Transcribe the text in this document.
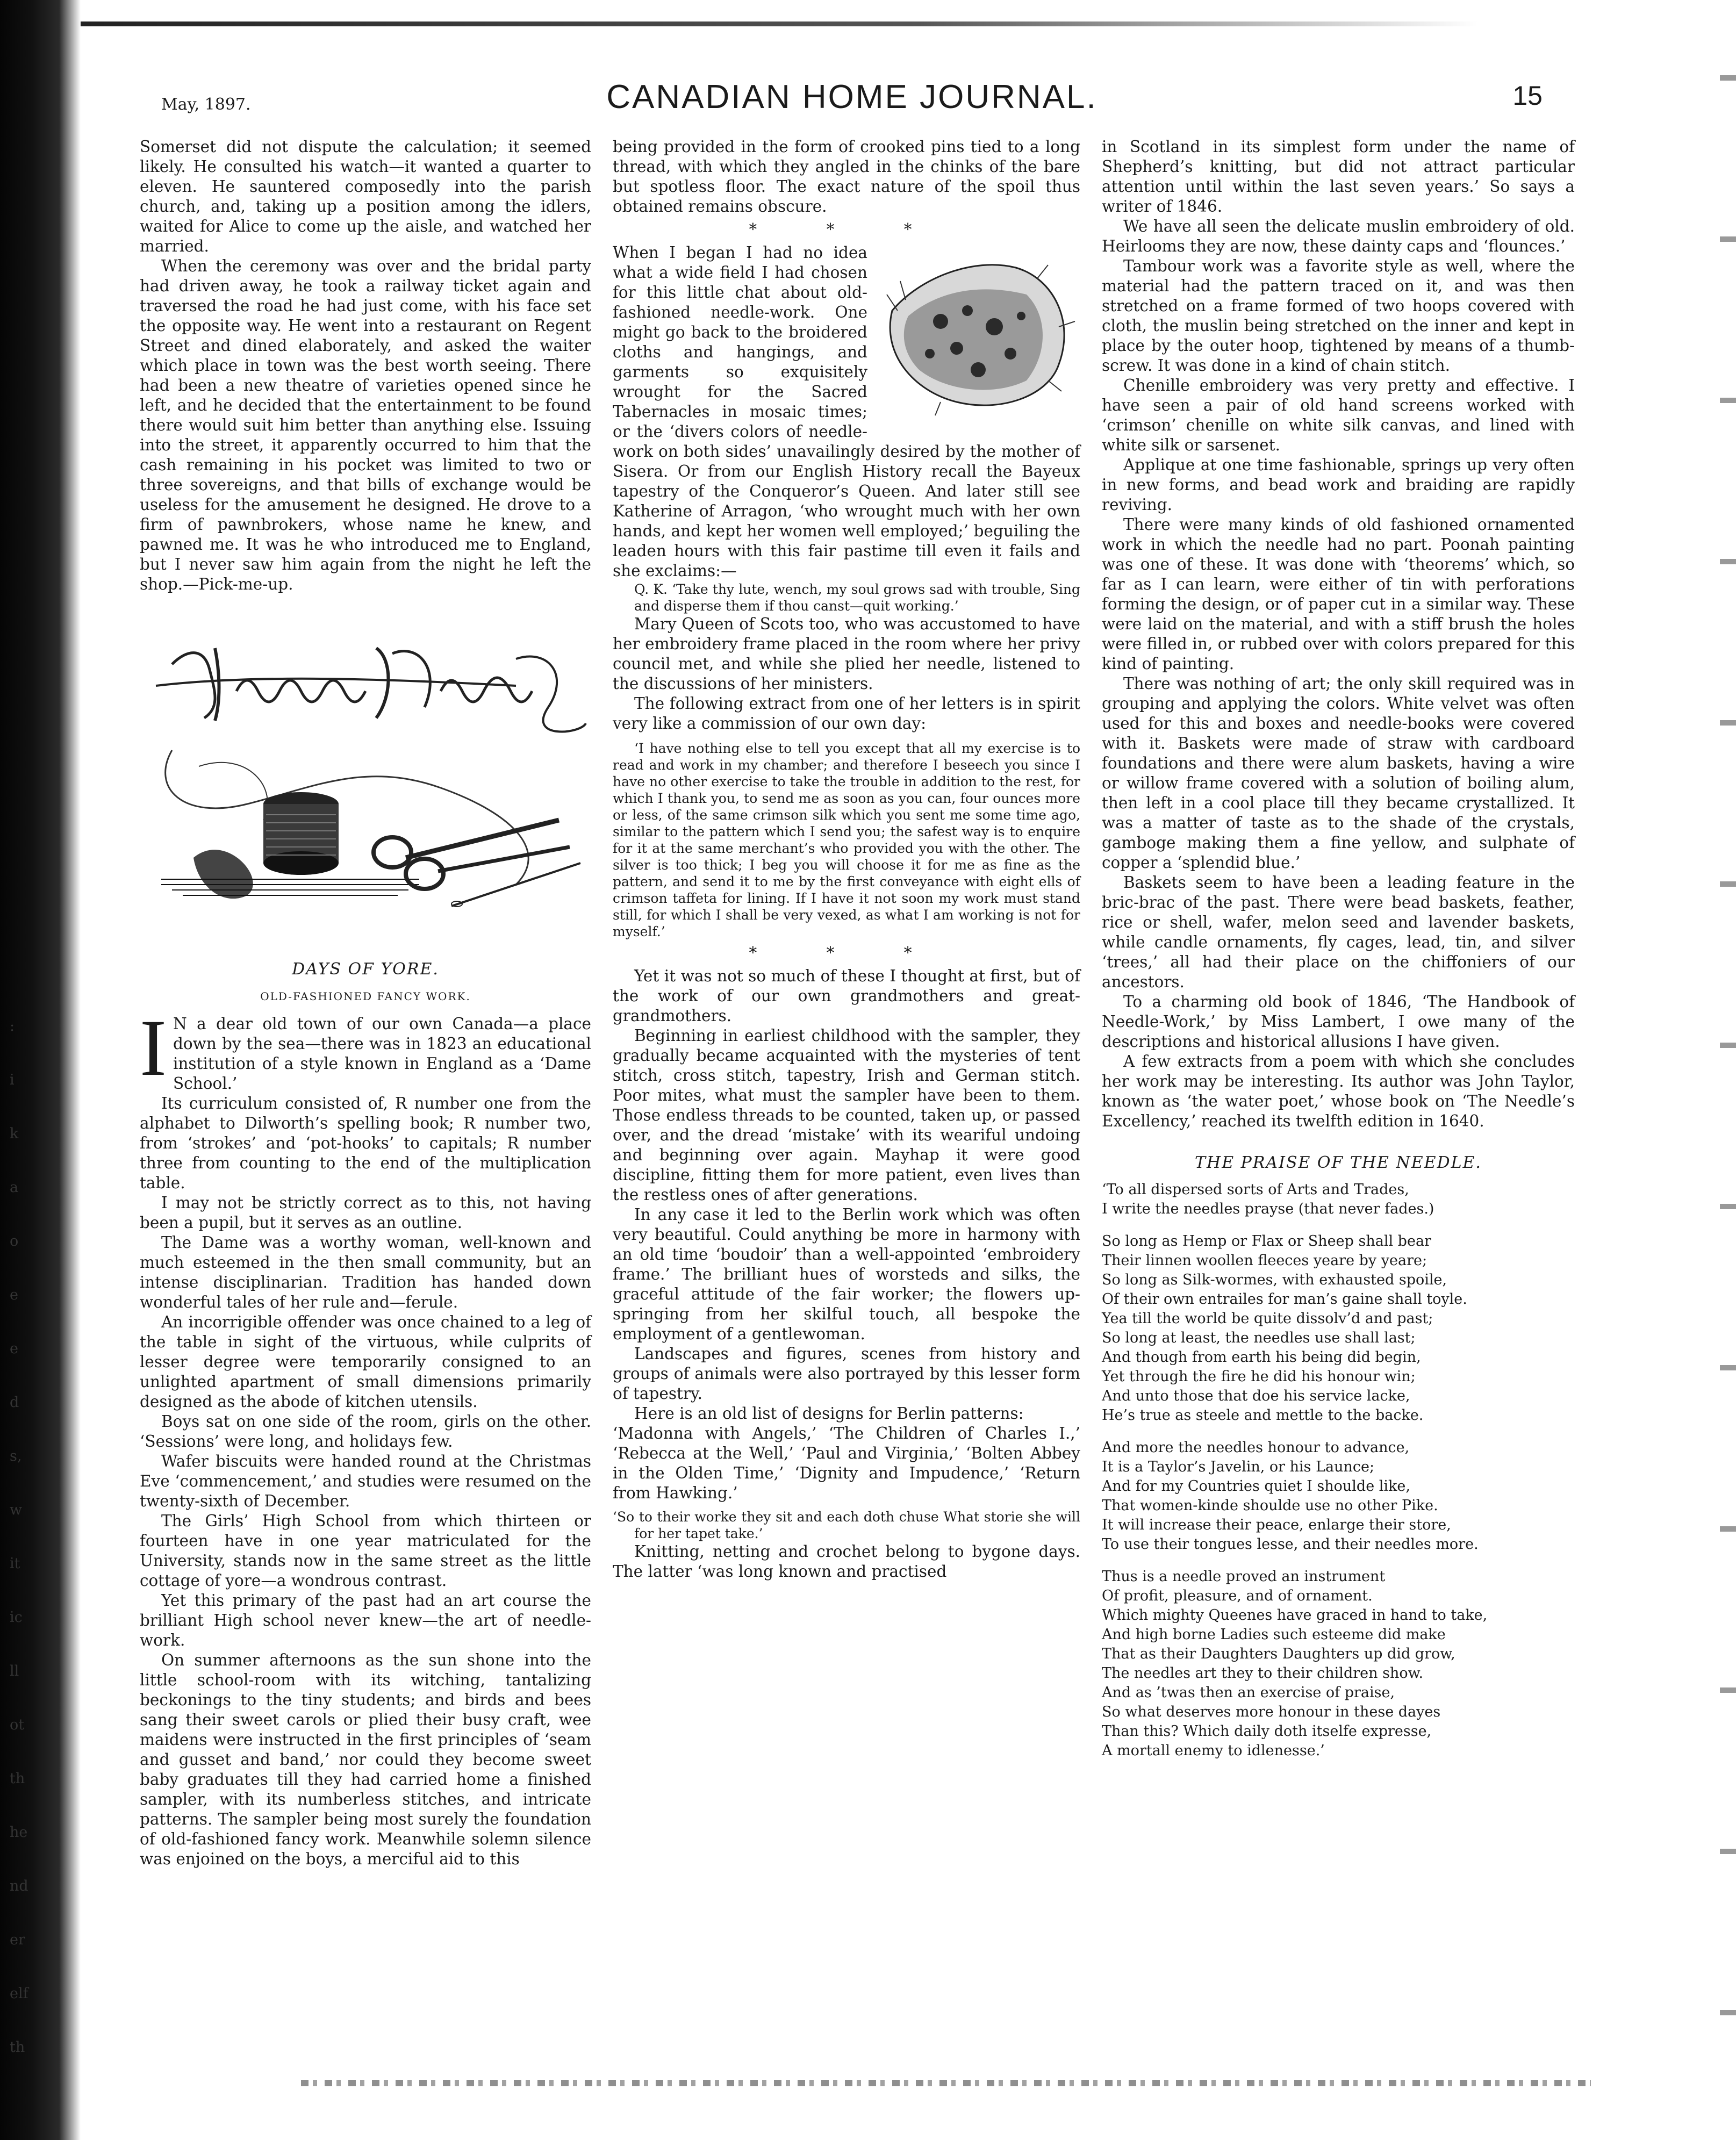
:
i
k
a
o
e
e
d
s,
w
it
ic
ll
ot
th
he
nd
er
elf
th
May, 1897.	CANADIAN HOME JOURNAL.	15

Somerset did not dispute the calculation; it seemed likely. He consulted his watch—it wanted a quarter to eleven. He sauntered composedly into the parish church, and, taking up a position among the idlers, waited for Alice to come up the aisle, and watched her married.

When the ceremony was over and the bridal party had driven away, he took a railway ticket again and traversed the road he had just come, with his face set the opposite way. He went into a restaurant on Regent Street and dined elaborately, and asked the waiter which place in town was the best worth seeing. There had been a new theatre of varieties opened since he left, and he decided that the entertainment to be found there would suit him better than anything else. Issuing into the street, it apparently occurred to him that the cash remaining in his pocket was limited to two or three sovereigns, and that bills of exchange would be useless for the amusement he designed. He drove to a firm of pawnbrokers, whose name he knew, and pawned me. It was he who introduced me to England, but I never saw him again from the night he left the shop.—Pick-me-up.

DAYS OF YORE.

OLD-FASHIONED FANCY WORK.

I N a dear old town of our own Canada—a place down by the sea—there was in 1823 an educational institution of a style known in England as a ‘Dame School.’

Its curriculum consisted of, R number one from the alphabet to Dilworth’s spelling book; R number two, from ‘strokes’ and ‘pot-hooks’ to capitals; R number three from counting to the end of the multiplication table.

I may not be strictly correct as to this, not having been a pupil, but it serves as an outline.

The Dame was a worthy woman, well-known and much esteemed in the then small community, but an intense disciplinarian. Tradition has handed down wonderful tales of her rule and—ferule.

An incorrigible offender was once chained to a leg of the table in sight of the virtuous, while culprits of lesser degree were temporarily consigned to an unlighted apartment of small dimensions primarily designed as the abode of kitchen utensils.

Boys sat on one side of the room, girls on the other. ‘Sessions’ were long, and holidays few.

Wafer biscuits were handed round at the Christmas Eve ‘commencement,’ and studies were resumed on the twenty-sixth of December.

The Girls’ High School from which thirteen or fourteen have in one year matriculated for the University, stands now in the same street as the little cottage of yore—a wondrous contrast.

Yet this primary of the past had an art course the brilliant High school never knew—the art of needle-work.

On summer afternoons as the sun shone into the little school-room with its witching, tantalizing beckonings to the tiny students; and birds and bees sang their sweet carols or plied their busy craft, wee maidens were instructed in the first principles of ‘seam and gusset and band,’ nor could they become sweet baby graduates till they had carried home a finished sampler, with its numberless stitches, and intricate patterns. The sampler being most surely the foundation of old-fashioned fancy work. Meanwhile solemn silence was enjoined on the boys, a merciful aid to this

being provided in the form of crooked pins tied to a long thread, with which they angled in the chinks of the bare but spotless floor. The exact nature of the spoil thus obtained remains obscure.

* * *

When I began I had no idea what a wide field I had chosen for this little chat about old-fashioned needle-work. One might go back to the broidered cloths and hangings, and garments so exquisitely wrought for the Sacred Tabernacles in mosaic times; or the ‘divers colors of needle-work on both sides’ unavailingly desired by the mother of Sisera. Or from our English History recall the Bayeux tapestry of the Conqueror’s Queen. And later still see Katherine of Arragon, ‘who wrought much with her own hands, and kept her women well employed;’ beguiling the leaden hours with this fair pastime till even it fails and she exclaims:—

Q. K. ‘Take thy lute, wench, my soul grows sad with trouble, Sing and disperse them if thou canst—quit working.’

Mary Queen of Scots too, who was accustomed to have her embroidery frame placed in the room where her privy council met, and while she plied her needle, listened to the discussions of her ministers.

The following extract from one of her letters is in spirit very like a commission of our own day:

‘I have nothing else to tell you except that all my exercise is to read and work in my chamber; and therefore I beseech you since I have no other exercise to take the trouble in addition to the rest, for which I thank you, to send me as soon as you can, four ounces more or less, of the same crimson silk which you sent me some time ago, similar to the pattern which I send you; the safest way is to enquire for it at the same merchant’s who provided you with the other. The silver is too thick; I beg you will choose it for me as fine as the pattern, and send it to me by the first conveyance with eight ells of crimson taffeta for lining. If I have it not soon my work must stand still, for which I shall be very vexed, as what I am working is not for myself.’

* * *

Yet it was not so much of these I thought at first, but of the work of our own grandmothers and great-grandmothers.

Beginning in earliest childhood with the sampler, they gradually became acquainted with the mysteries of tent stitch, cross stitch, tapestry, Irish and German stitch. Poor mites, what must the sampler have been to them. Those endless threads to be counted, taken up, or passed over, and the dread ‘mistake’ with its weariful undoing and beginning over again. Mayhap it were good discipline, fitting them for more patient, even lives than the restless ones of after generations.

In any case it led to the Berlin work which was often very beautiful. Could anything be more in harmony with an old time ‘boudoir’ than a well-appointed ‘embroidery frame.’ The brilliant hues of worsteds and silks, the graceful attitude of the fair worker; the flowers up-springing from her skilful touch, all bespoke the employment of a gentlewoman.

Landscapes and figures, scenes from history and groups of animals were also portrayed by this lesser form of tapestry.

Here is an old list of designs for Berlin patterns:

‘Madonna with Angels,’ ‘The Children of Charles I.,’ ‘Rebecca at the Well,’ ‘Paul and Virginia,’ ‘Bolten Abbey in the Olden Time,’ ‘Dignity and Impudence,’ ‘Return from Hawking.’

‘So to their worke they sit and each doth chuse What storie she will for her tapet take.’

Knitting, netting and crochet belong to bygone days. The latter ‘was long known and practised

in Scotland in its simplest form under the name of Shepherd’s knitting, but did not attract particular attention until within the last seven years.’ So says a writer of 1846.

We have all seen the delicate muslin embroidery of old. Heirlooms they are now, these dainty caps and ‘flounces.’

Tambour work was a favorite style as well, where the material had the pattern traced on it, and was then stretched on a frame formed of two hoops covered with cloth, the muslin being stretched on the inner and kept in place by the outer hoop, tightened by means of a thumb-screw. It was done in a kind of chain stitch.

Chenille embroidery was very pretty and effective. I have seen a pair of old hand screens worked with ‘crimson’ chenille on white silk canvas, and lined with white silk or sarsenet.

Applique at one time fashionable, springs up very often in new forms, and bead work and braiding are rapidly reviving.

There were many kinds of old fashioned ornamented work in which the needle had no part. Poonah painting was one of these. It was done with ‘theorems’ which, so far as I can learn, were either of tin with perforations forming the design, or of paper cut in a similar way. These were laid on the material, and with a stiff brush the holes were filled in, or rubbed over with colors prepared for this kind of painting.

There was nothing of art; the only skill required was in grouping and applying the colors. White velvet was often used for this and boxes and needle-books were covered with it. Baskets were made of straw with cardboard foundations and there were alum baskets, having a wire or willow frame covered with a solution of boiling alum, then left in a cool place till they became crystallized. It was a matter of taste as to the shade of the crystals, gamboge making them a fine yellow, and sulphate of copper a ‘splendid blue.’

Baskets seem to have been a leading feature in the bric-brac of the past. There were bead baskets, feather, rice or shell, wafer, melon seed and lavender baskets, while candle ornaments, fly cages, lead, tin, and silver ‘trees,’ all had their place on the chiffoniers of our ancestors.

To a charming old book of 1846, ‘The Handbook of Needle-Work,’ by Miss Lambert, I owe many of the descriptions and historical allusions I have given.

A few extracts from a poem with which she concludes her work may be interesting. Its author was John Taylor, known as ‘the water poet,’ whose book on ‘The Needle’s Excellency,’ reached its twelfth edition in 1640.

THE PRAISE OF THE NEEDLE.

‘To all dispersed sorts of Arts and Trades,
I write the needles prayse (that never fades.)
So long as Hemp or Flax or Sheep shall bear
Their linnen woollen fleeces yeare by yeare;
So long as Silk-wormes, with exhausted spoile,
Of their own entrailes for man’s gaine shall toyle.
Yea till the world be quite dissolv’d and past;
So long at least, the needles use shall last;
And though from earth his being did begin,
Yet through the fire he did his honour win;
And unto those that doe his service lacke,
He’s true as steele and mettle to the backe.
And more the needles honour to advance,
It is a Taylor’s Javelin, or his Launce;
And for my Countries quiet I shoulde like,
That women-kinde shoulde use no other Pike.
It will increase their peace, enlarge their store,
To use their tongues lesse, and their needles more.
Thus is a needle proved an instrument
Of profit, pleasure, and of ornament.
Which mighty Queenes have graced in hand to take,
And high borne Ladies such esteeme did make
That as their Daughters Daughters up did grow,
The needles art they to their children show.
And as ’twas then an exercise of praise,
So what deserves more honour in these dayes
Than this? Which daily doth itselfe expresse,
A mortall enemy to idlenesse.’
